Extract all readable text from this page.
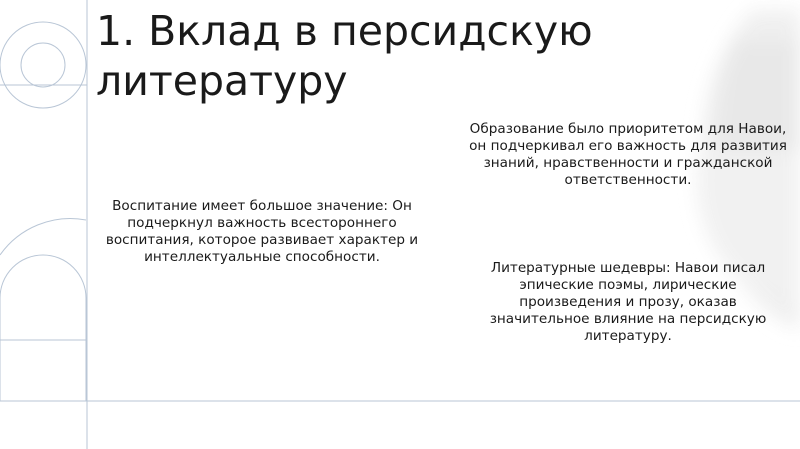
1. Вклад в персидскую литературу
Воспитание имеет большое значение: Он подчеркнул важность всестороннего воспитания, которое развивает характер и интеллектуальные способности.
Образование было приоритетом для Навои, он подчеркивал его важность для развития знаний, нравственности и гражданской ответственности.
Литературные шедевры: Навои писал эпические поэмы, лирические произведения и прозу, оказав значительное влияние на персидскую литературу.
